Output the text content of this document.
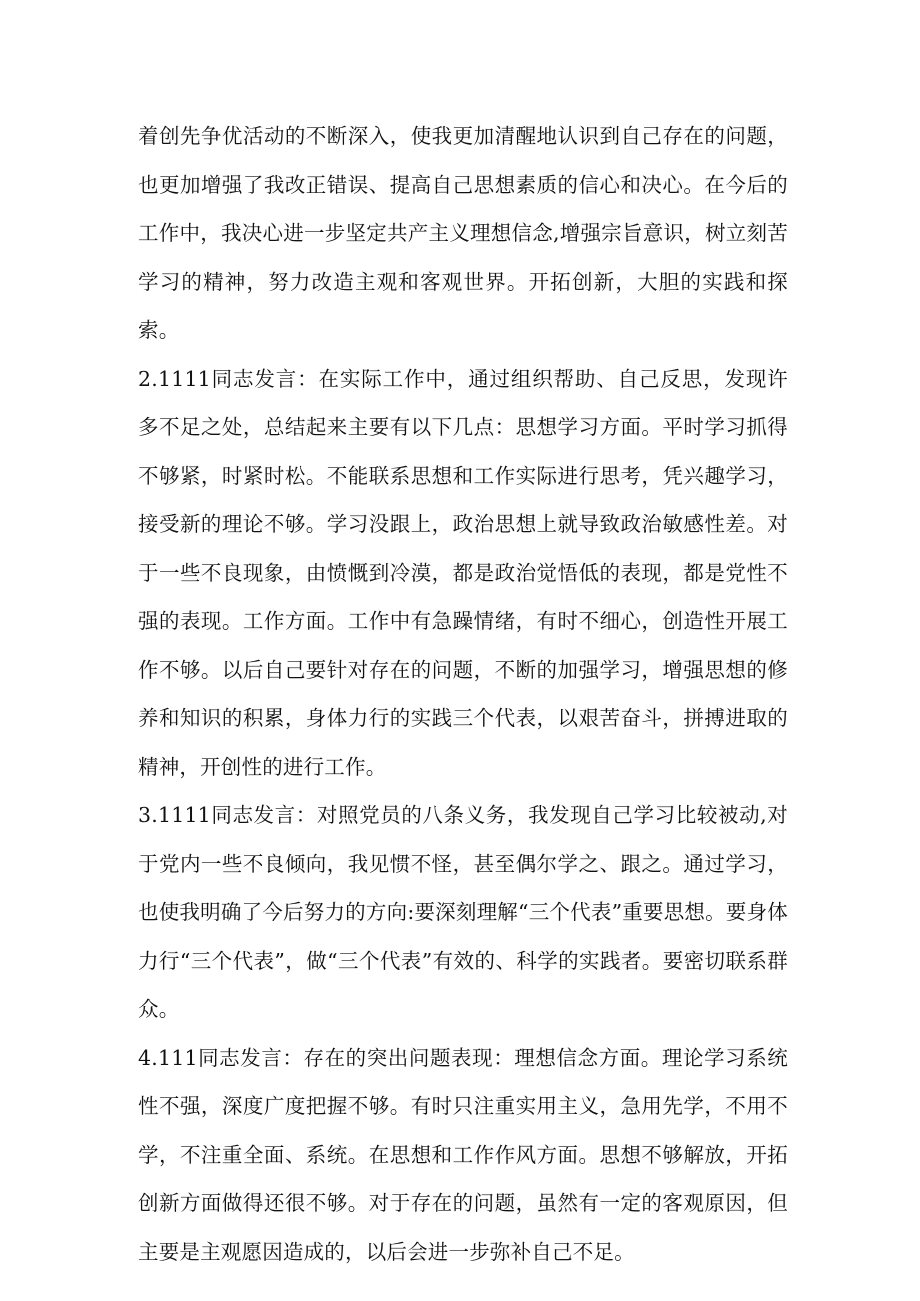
着创先争优活动的不断深入，使我更加清醒地认识到自己存在的问题，也更加增强了我改正错误、提高自己思想素质的信心和决心。在今后的工作中，我决心进一步坚定共产主义理想信念,增强宗旨意识，树立刻苦学习的精神，努力改造主观和客观世界。开拓创新，大胆的实践和探索。

2.1111同志发言：在实际工作中，通过组织帮助、自己反思，发现许多不足之处，总结起来主要有以下几点：思想学习方面。平时学习抓得不够紧，时紧时松。不能联系思想和工作实际进行思考，凭兴趣学习，接受新的理论不够。学习没跟上，政治思想上就导致政治敏感性差。对于一些不良现象，由愤慨到冷漠，都是政治觉悟低的表现，都是党性不强的表现。工作方面。工作中有急躁情绪，有时不细心，创造性开展工作不够。以后自己要针对存在的问题，不断的加强学习，增强思想的修养和知识的积累，身体力行的实践三个代表，以艰苦奋斗，拼搏进取的精神，开创性的进行工作。

3.1111同志发言：对照党员的八条义务，我发现自己学习比较被动,对于党内一些不良倾向，我见惯不怪，甚至偶尔学之、跟之。通过学习，也使我明确了今后努力的方向:要深刻理解“三个代表”重要思想。要身体力行“三个代表”，做“三个代表”有效的、科学的实践者。要密切联系群众。

4.111同志发言：存在的突出问题表现：理想信念方面。理论学习系统性不强，深度广度把握不够。有时只注重实用主义，急用先学，不用不学，不注重全面、系统。在思想和工作作风方面。思想不够解放，开拓创新方面做得还很不够。对于存在的问题，虽然有一定的客观原因，但主要是主观愿因造成的，以后会进一步弥补自己不足。
